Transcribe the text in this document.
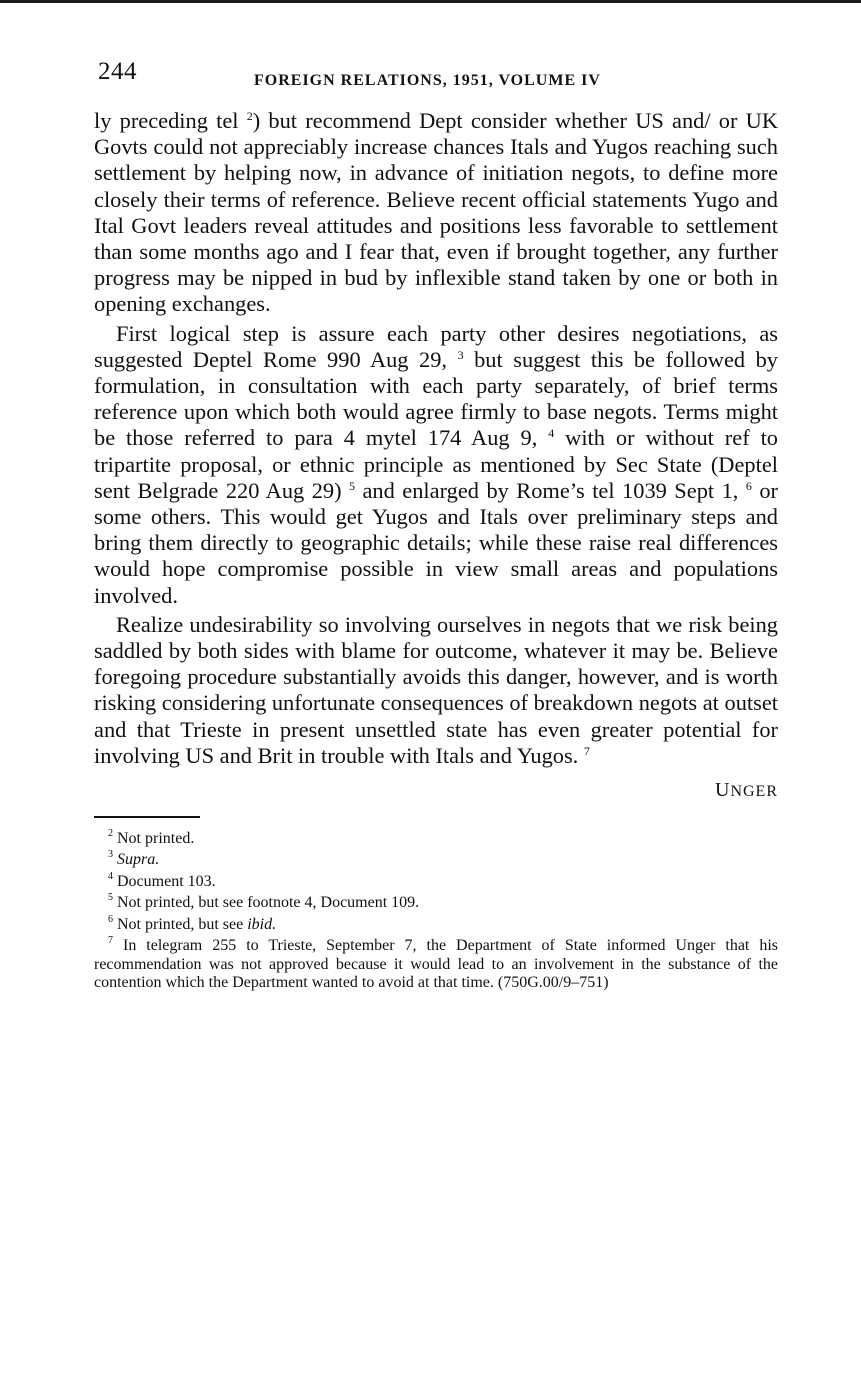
244	FOREIGN RELATIONS, 1951, VOLUME IV

ly preceding tel $^2$) but recommend Dept consider whether US and/ or UK Govts could not appreciably increase chances Itals and Yugos reaching such settlement by helping now, in advance of initiation negots, to define more closely their terms of reference. Believe recent official statements Yugo and Ital Govt leaders reveal attitudes and positions less favorable to settlement than some months ago and I fear that, even if brought together, any further progress may be nipped in bud by inflexible stand taken by one or both in opening exchanges.

First logical step is assure each party other desires negotiations, as suggested Deptel Rome 990 Aug 29, $^3$ but suggest this be followed by formulation, in consultation with each party separately, of brief terms reference upon which both would agree firmly to base negots. Terms might be those referred to para 4 mytel 174 Aug 9, $^4$ with or without ref to tripartite proposal, or ethnic principle as mentioned by Sec State (Deptel sent Belgrade 220 Aug 29) $^5$ and enlarged by Rome’s tel 1039 Sept 1, $^6$ or some others. This would get Yugos and Itals over preliminary steps and bring them directly to geographic details; while these raise real differences would hope compromise possible in view small areas and populations involved.

Realize undesirability so involving ourselves in negots that we risk being saddled by both sides with blame for outcome, whatever it may be. Believe foregoing procedure substantially avoids this danger, however, and is worth risking considering unfortunate consequences of breakdown negots at outset and that Trieste in present unsettled state has even greater potential for involving US and Brit in trouble with Itals and Yugos. $^7$

UNGER

$^2$ Not printed.

$^3$ Supra.

$^4$ Document 103.

$^5$ Not printed, but see footnote 4, Document 109.

$^6$ Not printed, but see ibid.

$^7$ In telegram 255 to Trieste, September 7, the Department of State informed Unger that his recommendation was not approved because it would lead to an involvement in the substance of the contention which the Department wanted to avoid at that time. (750G.00/9–751)
